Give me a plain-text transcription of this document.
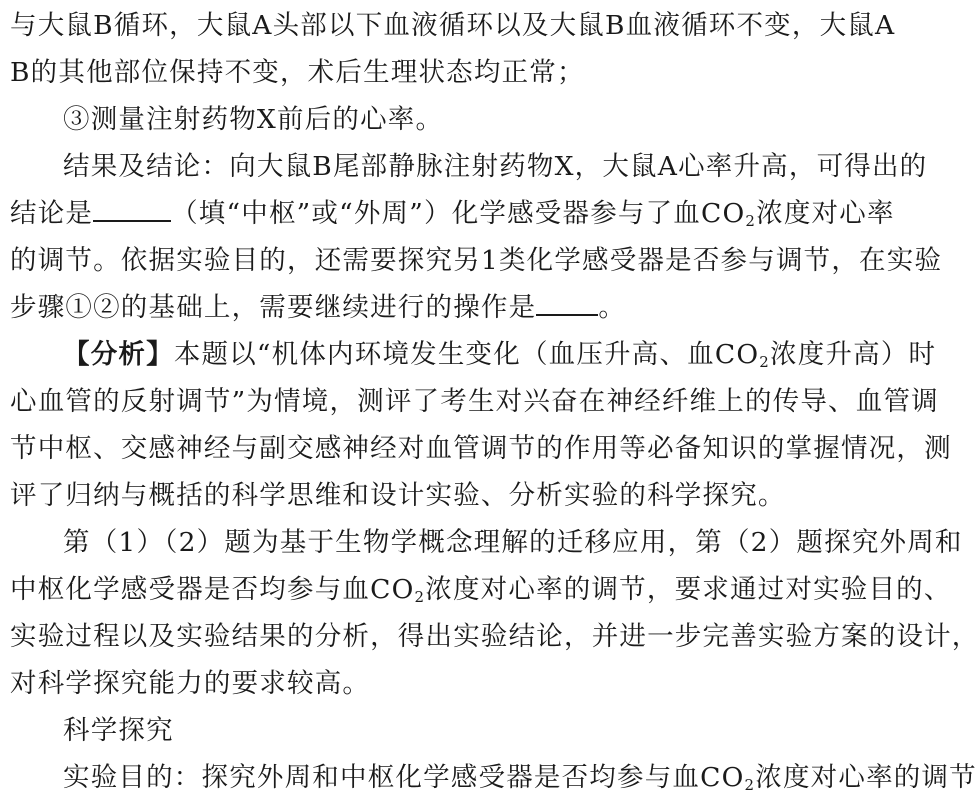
与大鼠B循环，大鼠A头部以下血液循环以及大鼠B血液循环不变，大鼠A
B的其他部位保持不变，术后生理状态均正常；
③测量注射药物X前后的心率。
结果及结论：向大鼠B尾部静脉注射药物X，大鼠A心率升高，可得出的
结论是	（填“中枢”或“外周”）化学感受器参与了血$CO_2$浓度对心率
的调节。依据实验目的，还需要探究另1类化学感受器是否参与调节，在实验
步骤①②的基础上，需要继续进行的操作是 。
【分析】本题以“机体内环境发生变化（血压升高、血$CO_2$浓度升高）时
心血管的反射调节”为情境，测评了考生对兴奋在神经纤维上的传导、血管调
节中枢、交感神经与副交感神经对血管调节的作用等必备知识的掌握情况，测
评了归纳与概括的科学思维和设计实验、分析实验的科学探究。
第（1）（2）题为基于生物学概念理解的迁移应用，第（2）题探究外周和
中枢化学感受器是否均参与血$CO_2$浓度对心率的调节，要求通过对实验目的、
实验过程以及实验结果的分析，得出实验结论，并进一步完善实验方案的设计，
对科学探究能力的要求较高。
科学探究
实验目的：探究外周和中枢化学感受器是否均参与血$CO_2$浓度对心率的调节
